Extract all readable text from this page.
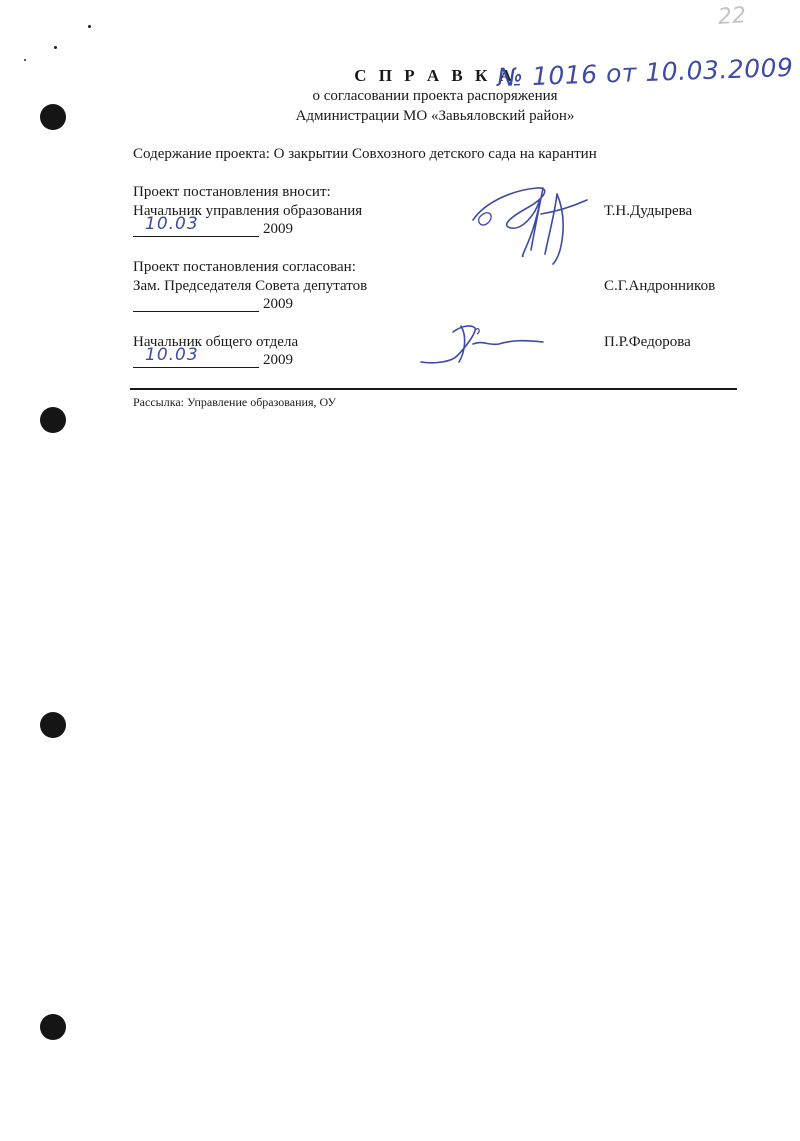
22
С П Р А В К А
№ 1016 от 10.03.2009
о согласовании проекта распоряжения
Администрации МО «Завьяловский район»
Содержание проекта: О закрытии Совхозного детского сада на карантин
Проект постановления вносит:
Начальник управления образования
10.03	2009
Т.Н.Дудырева
Проект постановления согласован:
Зам. Председателя Совета депутатов
2009
С.Г.Андронников
Начальник общего отдела
10.03	2009
П.Р.Федорова
Рассылка: Управление образования, ОУ
